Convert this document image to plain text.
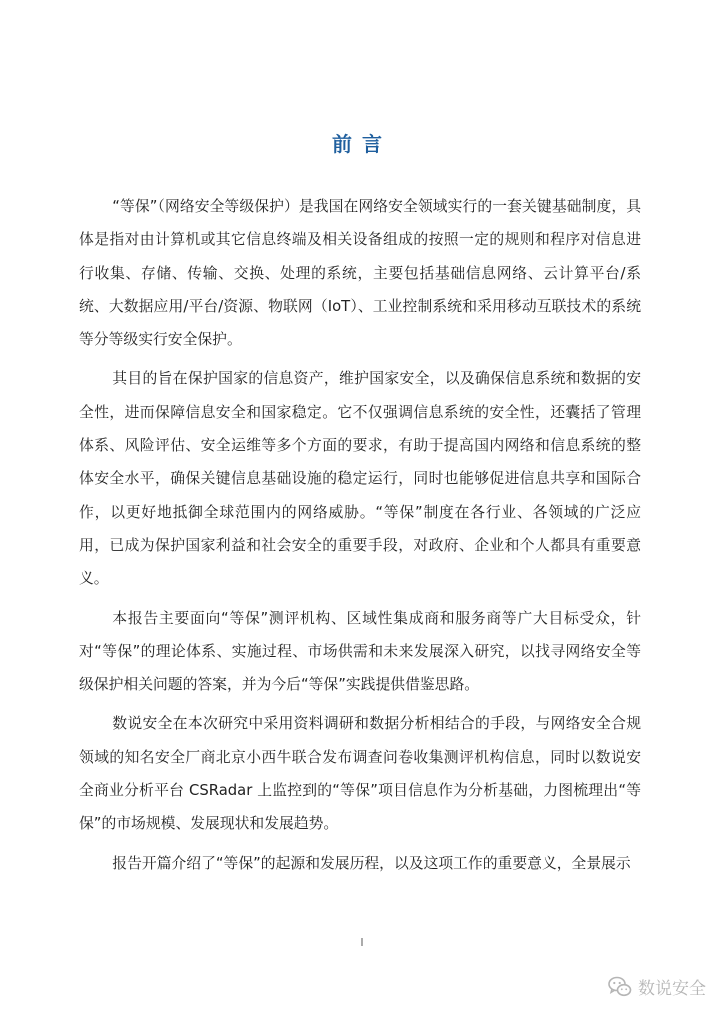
前言

“等保”（网络安全等级保护）是我国在网络安全领域实行的一套关键基础制度，具体是指对由计算机或其它信息终端及相关设备组成的按照一定的规则和程序对信息进行收集、存储、传输、交换、处理的系统，主要包括基础信息网络、云计算平台/系统、大数据应用/平台/资源、物联网（IoT）、工业控制系统和采用移动互联技术的系统等分等级实行安全保护。

其目的旨在保护国家的信息资产，维护国家安全，以及确保信息系统和数据的安全性，进而保障信息安全和国家稳定。它不仅强调信息系统的安全性，还囊括了管理体系、风险评估、安全运维等多个方面的要求，有助于提高国内网络和信息系统的整体安全水平，确保关键信息基础设施的稳定运行，同时也能够促进信息共享和国际合作，以更好地抵御全球范围内的网络威胁。“等保”制度在各行业、各领域的广泛应用，已成为保护国家利益和社会安全的重要手段，对政府、企业和个人都具有重要意义。

本报告主要面向“等保”测评机构、区域性集成商和服务商等广大目标受众，针对“等保”的理论体系、实施过程、市场供需和未来发展深入研究，以找寻网络安全等级保护相关问题的答案，并为今后“等保”实践提供借鉴思路。

数说安全在本次研究中采用资料调研和数据分析相结合的手段，与网络安全合规领域的知名安全厂商北京小西牛联合发布调查问卷收集测评机构信息，同时以数说安全商业分析平台 CSRadar 上监控到的“等保”项目信息作为分析基础，力图梳理出“等保”的市场规模、发展现状和发展趋势。

报告开篇介绍了“等保”的起源和发展历程，以及这项工作的重要意义，全景展示

I
数说安全
